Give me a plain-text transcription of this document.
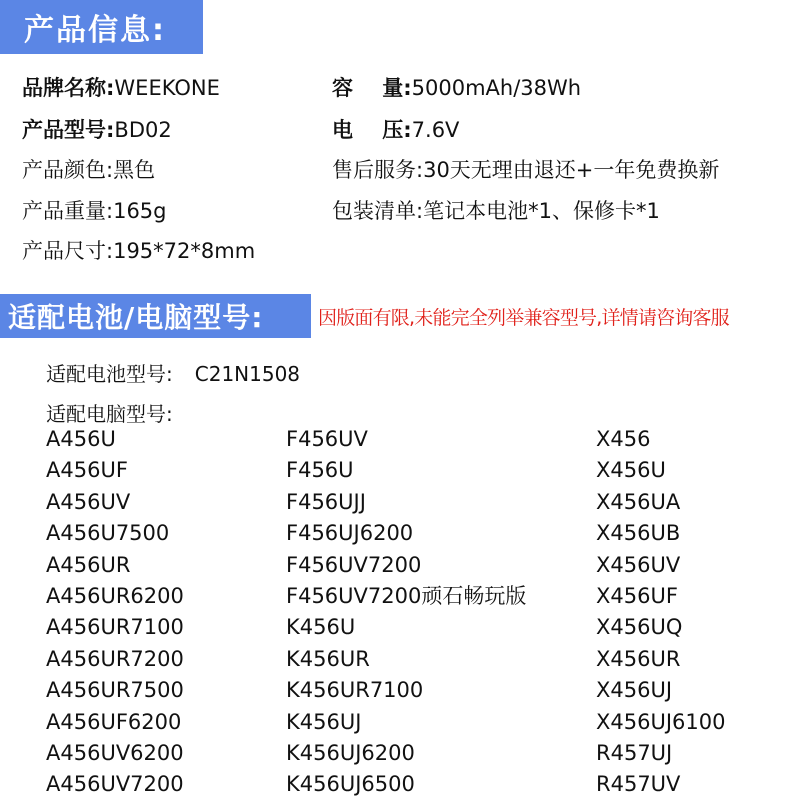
产品信息:
品牌名称:WEEKONE
产品型号:BD02
产品颜色:黑色
产品重量:165g
产品尺寸:195*72*8mm
容    量:5000mAh/38Wh
电    压:7.6V
售后服务:30天无理由退还+一年免费换新
包装清单:笔记本电池*1、保修卡*1
适配电池/电脑型号:	因版面有限,未能完全列举兼容型号,详情请咨询客服
适配电池型号: C21N1508
适配电脑型号:
A456U
A456UF
A456UV
A456U7500
A456UR
A456UR6200
A456UR7100
A456UR7200
A456UR7500
A456UF6200
A456UV6200
A456UV7200
F456UV
F456U
F456UJJ
F456UJ6200
F456UV7200
F456UV7200顽石畅玩版
K456U
K456UR
K456UR7100
K456UJ
K456UJ6200
K456UJ6500
X456
X456U
X456UA
X456UB
X456UV
X456UF
X456UQ
X456UR
X456UJ
X456UJ6100
R457UJ
R457UV
